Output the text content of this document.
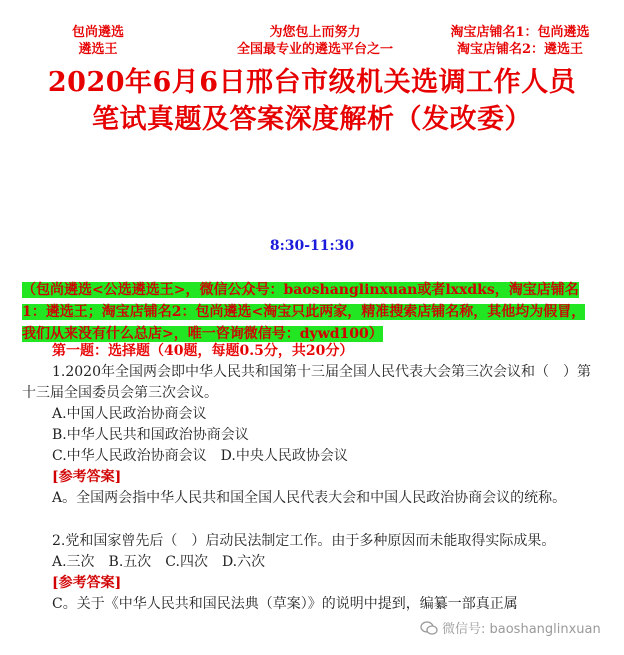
包尚遴选
遴选王
为您包上而努力
全国最专业的遴选平台之一
淘宝店铺名1：包尚遴选
淘宝店铺名2：遴选王
2020年6月6日邢台市级机关选调工作人员
笔试真题及答案深度解析（发改委）
8:30-11:30
（包尚遴选<公选遴选王>，微信公众号：baoshanglinxuan或者lxxdks，淘宝店铺名1：遴选王；淘宝店铺名2：包尚遴选<淘宝只此两家，精准搜索店铺名称，其他均为假冒，我们从来没有什么总店>，唯一咨询微信号：dywd100）
第一题：选择题（40题，每题0.5分，共20分）
1.2020年全国两会即中华人民共和国第十三届全国人民代表大会第三次会议和（　）第十三届全国委员会第三次会议。
A.中国人民政治协商会议
B.中华人民共和国政治协商会议
C.中华人民政治协商会议　D.中央人民政协会议
[参考答案]
A。全国两会指中华人民共和国全国人民代表大会和中国人民政治协商会议的统称。
2.党和国家曾先后（　）启动民法制定工作。由于多种原因而未能取得实际成果。
A.三次　B.五次　C.四次　D.六次
[参考答案]
C。关于《中华人民共和国民法典（草案）》的说明中提到，编纂一部真正属
微信号: baoshanglinxuan
